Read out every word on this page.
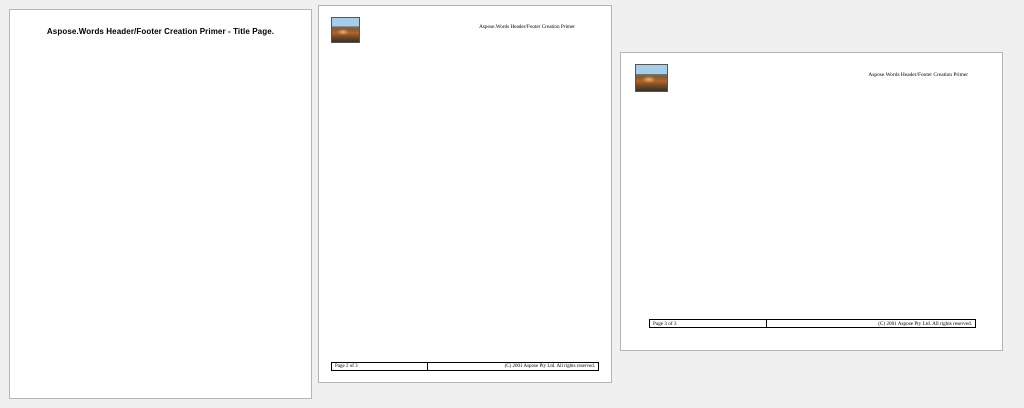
Aspose.Words Header/Footer Creation Primer - Title Page.	Aspose.Words Header/Footer Creation Primer
Page 2 of 3	(C) 2001 Aspose Pty Ltd. All rights reserved.
Aspose.Words Header/Footer Creation Primer
Page 3 of 3	(C) 2001 Aspose Pty Ltd. All rights reserved.
